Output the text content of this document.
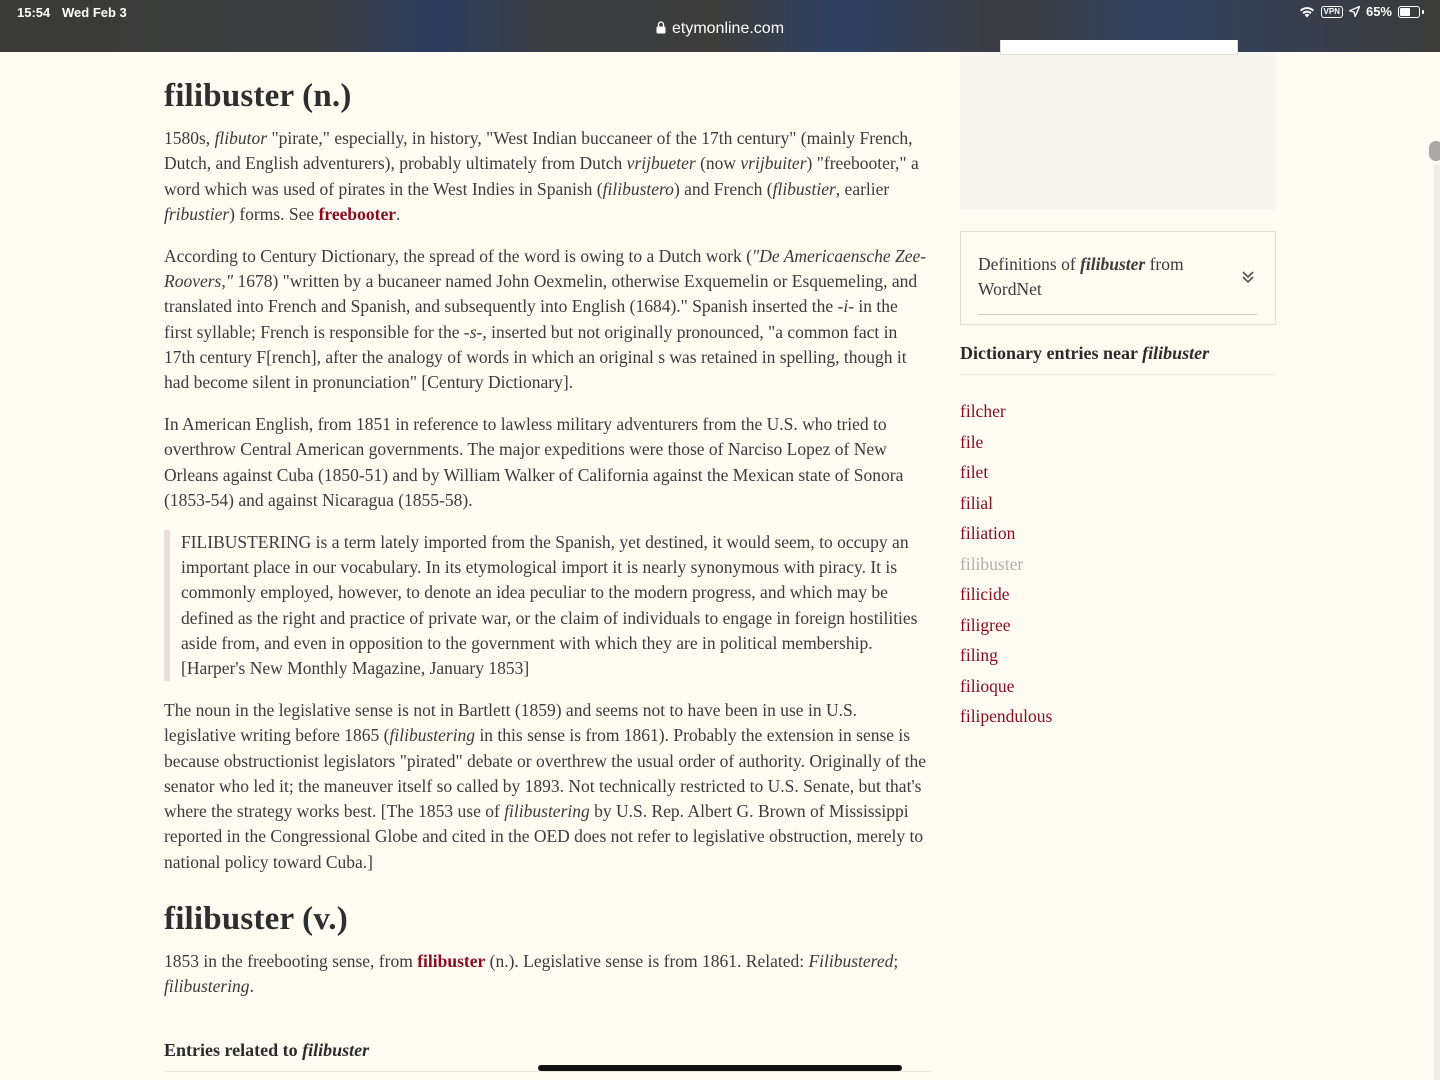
15:54 Wed Feb 3	VPN 65%
etymonline.com
filibuster (n.)

1580s, flibutor "pirate," especially, in history, "West Indian buccaneer of the 17th century" (mainly French, Dutch, and English adventurers), probably ultimately from Dutch vrijbueter (now vrijbuiter) "freebooter," a word which was used of pirates in the West Indies in Spanish (filibustero) and French (flibustier, earlier fribustier) forms. See freebooter.

According to Century Dictionary, the spread of the word is owing to a Dutch work ("De Americaensche Zee-Roovers," 1678) "written by a bucaneer named John Oexmelin, otherwise Exquemelin or Esquemeling, and translated into French and Spanish, and subsequently into English (1684)." Spanish inserted the -i- in the first syllable; French is responsible for the -s-, inserted but not originally pronounced, "a common fact in 17th century F[rench], after the analogy of words in which an original s was retained in spelling, though it had become silent in pronunciation" [Century Dictionary].

In American English, from 1851 in reference to lawless military adventurers from the U.S. who tried to overthrow Central American governments. The major expeditions were those of Narciso Lopez of New Orleans against Cuba (1850-51) and by William Walker of California against the Mexican state of Sonora (1853-54) and against Nicaragua (1855-58).

FILIBUSTERING is a term lately imported from the Spanish, yet destined, it would seem, to occupy an important place in our vocabulary. In its etymological import it is nearly synonymous with piracy. It is commonly employed, however, to denote an idea peculiar to the modern progress, and which may be defined as the right and practice of private war, or the claim of individuals to engage in foreign hostilities aside from, and even in opposition to the government with which they are in political membership. [Harper's New Monthly Magazine, January 1853]

The noun in the legislative sense is not in Bartlett (1859) and seems not to have been in use in U.S. legislative writing before 1865 (filibustering in this sense is from 1861). Probably the extension in sense is because obstructionist legislators "pirated" debate or overthrew the usual order of authority. Originally of the senator who led it; the maneuver itself so called by 1893. Not technically restricted to U.S. Senate, but that's where the strategy works best. [The 1853 use of filibustering by U.S. Rep. Albert G. Brown of Mississippi reported in the Congressional Globe and cited in the OED does not refer to legislative obstruction, merely to national policy toward Cuba.]

filibuster (v.)

1853 in the freebooting sense, from filibuster (n.). Legislative sense is from 1861. Related: Filibustered; filibustering.

Entries related to filibuster
Definitions of filibuster from WordNet
Dictionary entries near filibuster
filcher
file
filet
filial
filiation
filibuster
filicide
filigree
filing
filioque
filipendulous
